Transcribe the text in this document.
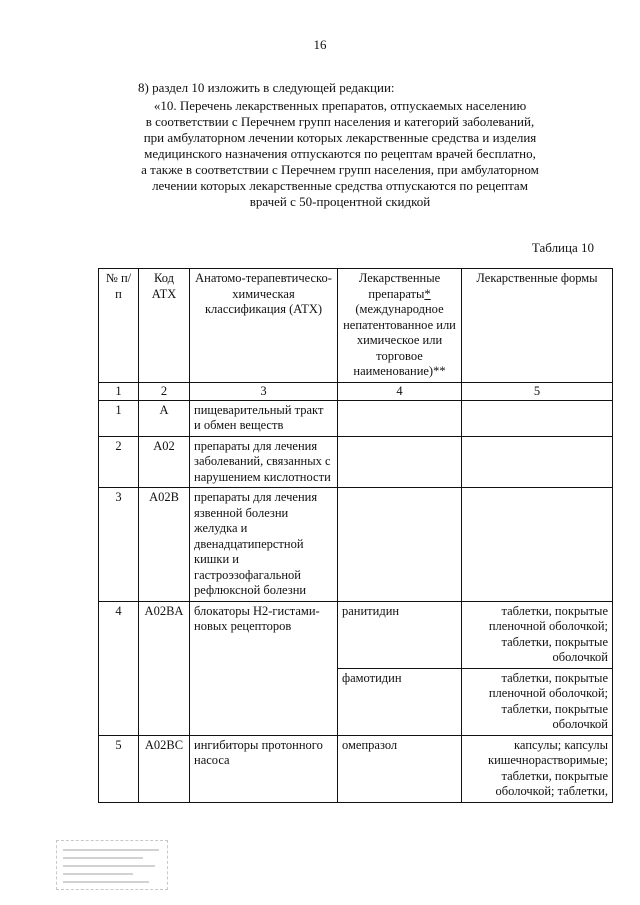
16
8) раздел 10 изложить в следующей редакции:
«10. Перечень лекарственных препаратов, отпускаемых населению
в соответствии с Перечнем групп населения и категорий заболеваний,
при амбулаторном лечении которых лекарственные средства и изделия
медицинского назначения отпускаются по рецептам врачей бесплатно,
а также в соответствии с Перечнем групп населения, при амбулаторном
лечении которых лекарственные средства отпускаются по рецептам
врачей с 50-процентной скидкой
Таблица 10
№ п/п	Код АТХ	Анатомо-терапевтическо-химическая классификация (АТХ)	Лекарственные препараты* (международное непатентованное или химическое или торговое наименование)**	Лекарственные формы
1	2	3	4	5
1	A	пищеварительный тракт и обмен веществ		
2	A02	препараты для лечения заболеваний, связанных с нарушением кислотности		
3	A02B	препараты для лечения язвенной болезни желудка и двенадцатиперстной кишки и гастроэзофагальной рефлюксной болезни		
4	A02BA	блокаторы H2-гистами-новых рецепторов	ранитидин	таблетки, покрытые пленочной оболочкой; таблетки, покрытые оболочкой
			фамотидин	таблетки, покрытые пленочной оболочкой; таблетки, покрытые оболочкой
5	A02BC	ингибиторы протонного насоса	омепразол	капсулы; капсулы кишечнорастворимые; таблетки, покрытые оболочкой; таблетки,
